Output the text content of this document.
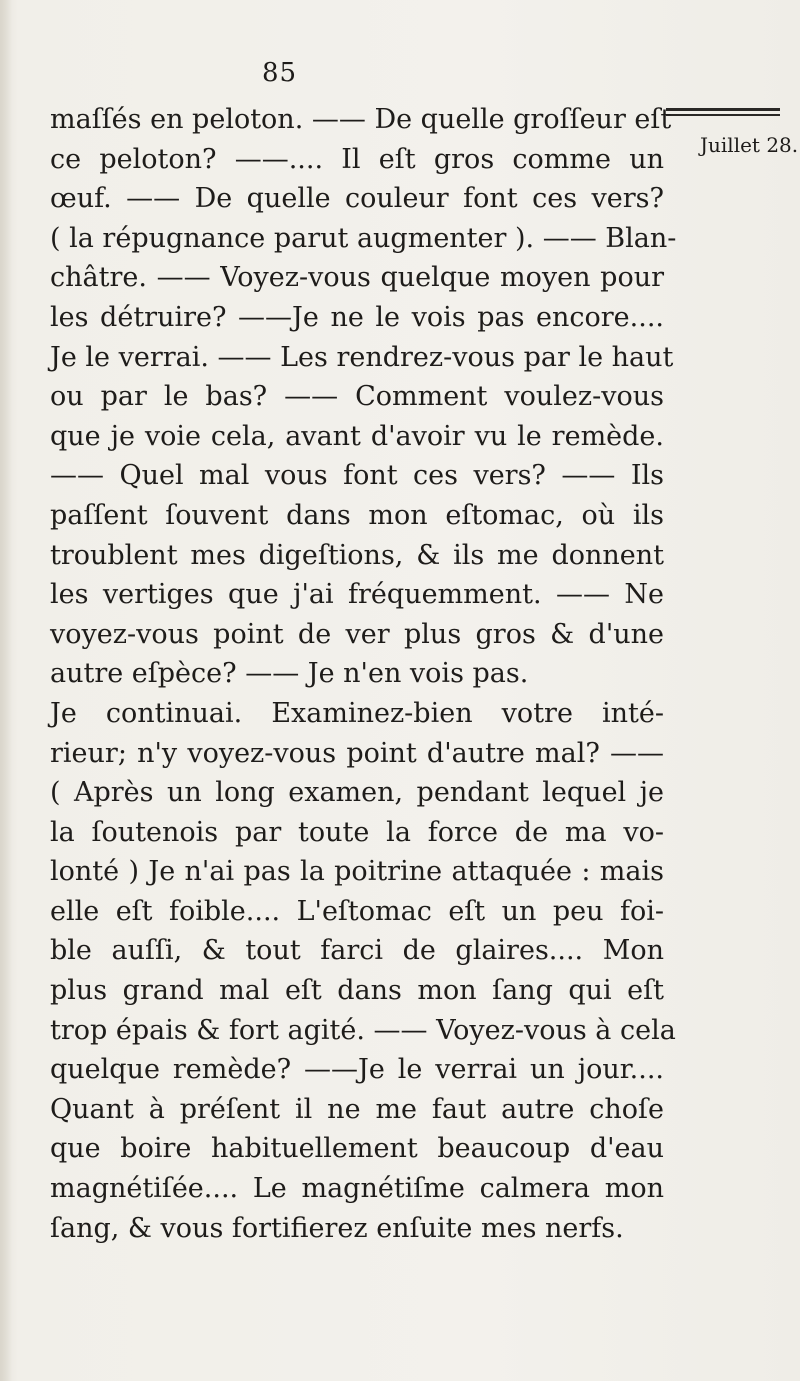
85
Juillet 28.
maſſés en peloton. —— De quelle groſſeur eſt
ce peloton? ——.... Il eſt gros comme un
œuf. —— De quelle couleur font ces vers?
( la répugnance parut augmenter ). —— Blan-
châtre. —— Voyez-vous quelque moyen pour
les détruire? ——Je ne le vois pas encore....
Je le verrai. —— Les rendrez-vous par le haut
ou par le bas? —— Comment voulez-vous
que je voie cela, avant d'avoir vu le remède.
—— Quel mal vous font ces vers? —— Ils
paſſent ſouvent dans mon eſtomac, où ils
troublent mes digeſtions, & ils me donnent
les vertiges que j'ai fréquemment. —— Ne
voyez-vous point de ver plus gros & d'une
autre eſpèce? —— Je n'en vois pas.
Je continuai. Examinez-bien votre inté-
rieur; n'y voyez-vous point d'autre mal? ——
( Après un long examen, pendant lequel je
la ſoutenois par toute la force de ma vo-
lonté ) Je n'ai pas la poitrine attaquée : mais
elle eſt foible.... L'eſtomac eſt un peu foi-
ble auſſi, & tout farci de glaires.... Mon
plus grand mal eſt dans mon ſang qui eſt
trop épais & fort agité. —— Voyez-vous à cela
quelque remède? ——Je le verrai un jour....
Quant à préſent il ne me faut autre choſe
que boire habituellement beaucoup d'eau
magnétiſée.... Le magnétiſme calmera mon
ſang, & vous fortifierez enſuite mes nerfs.
